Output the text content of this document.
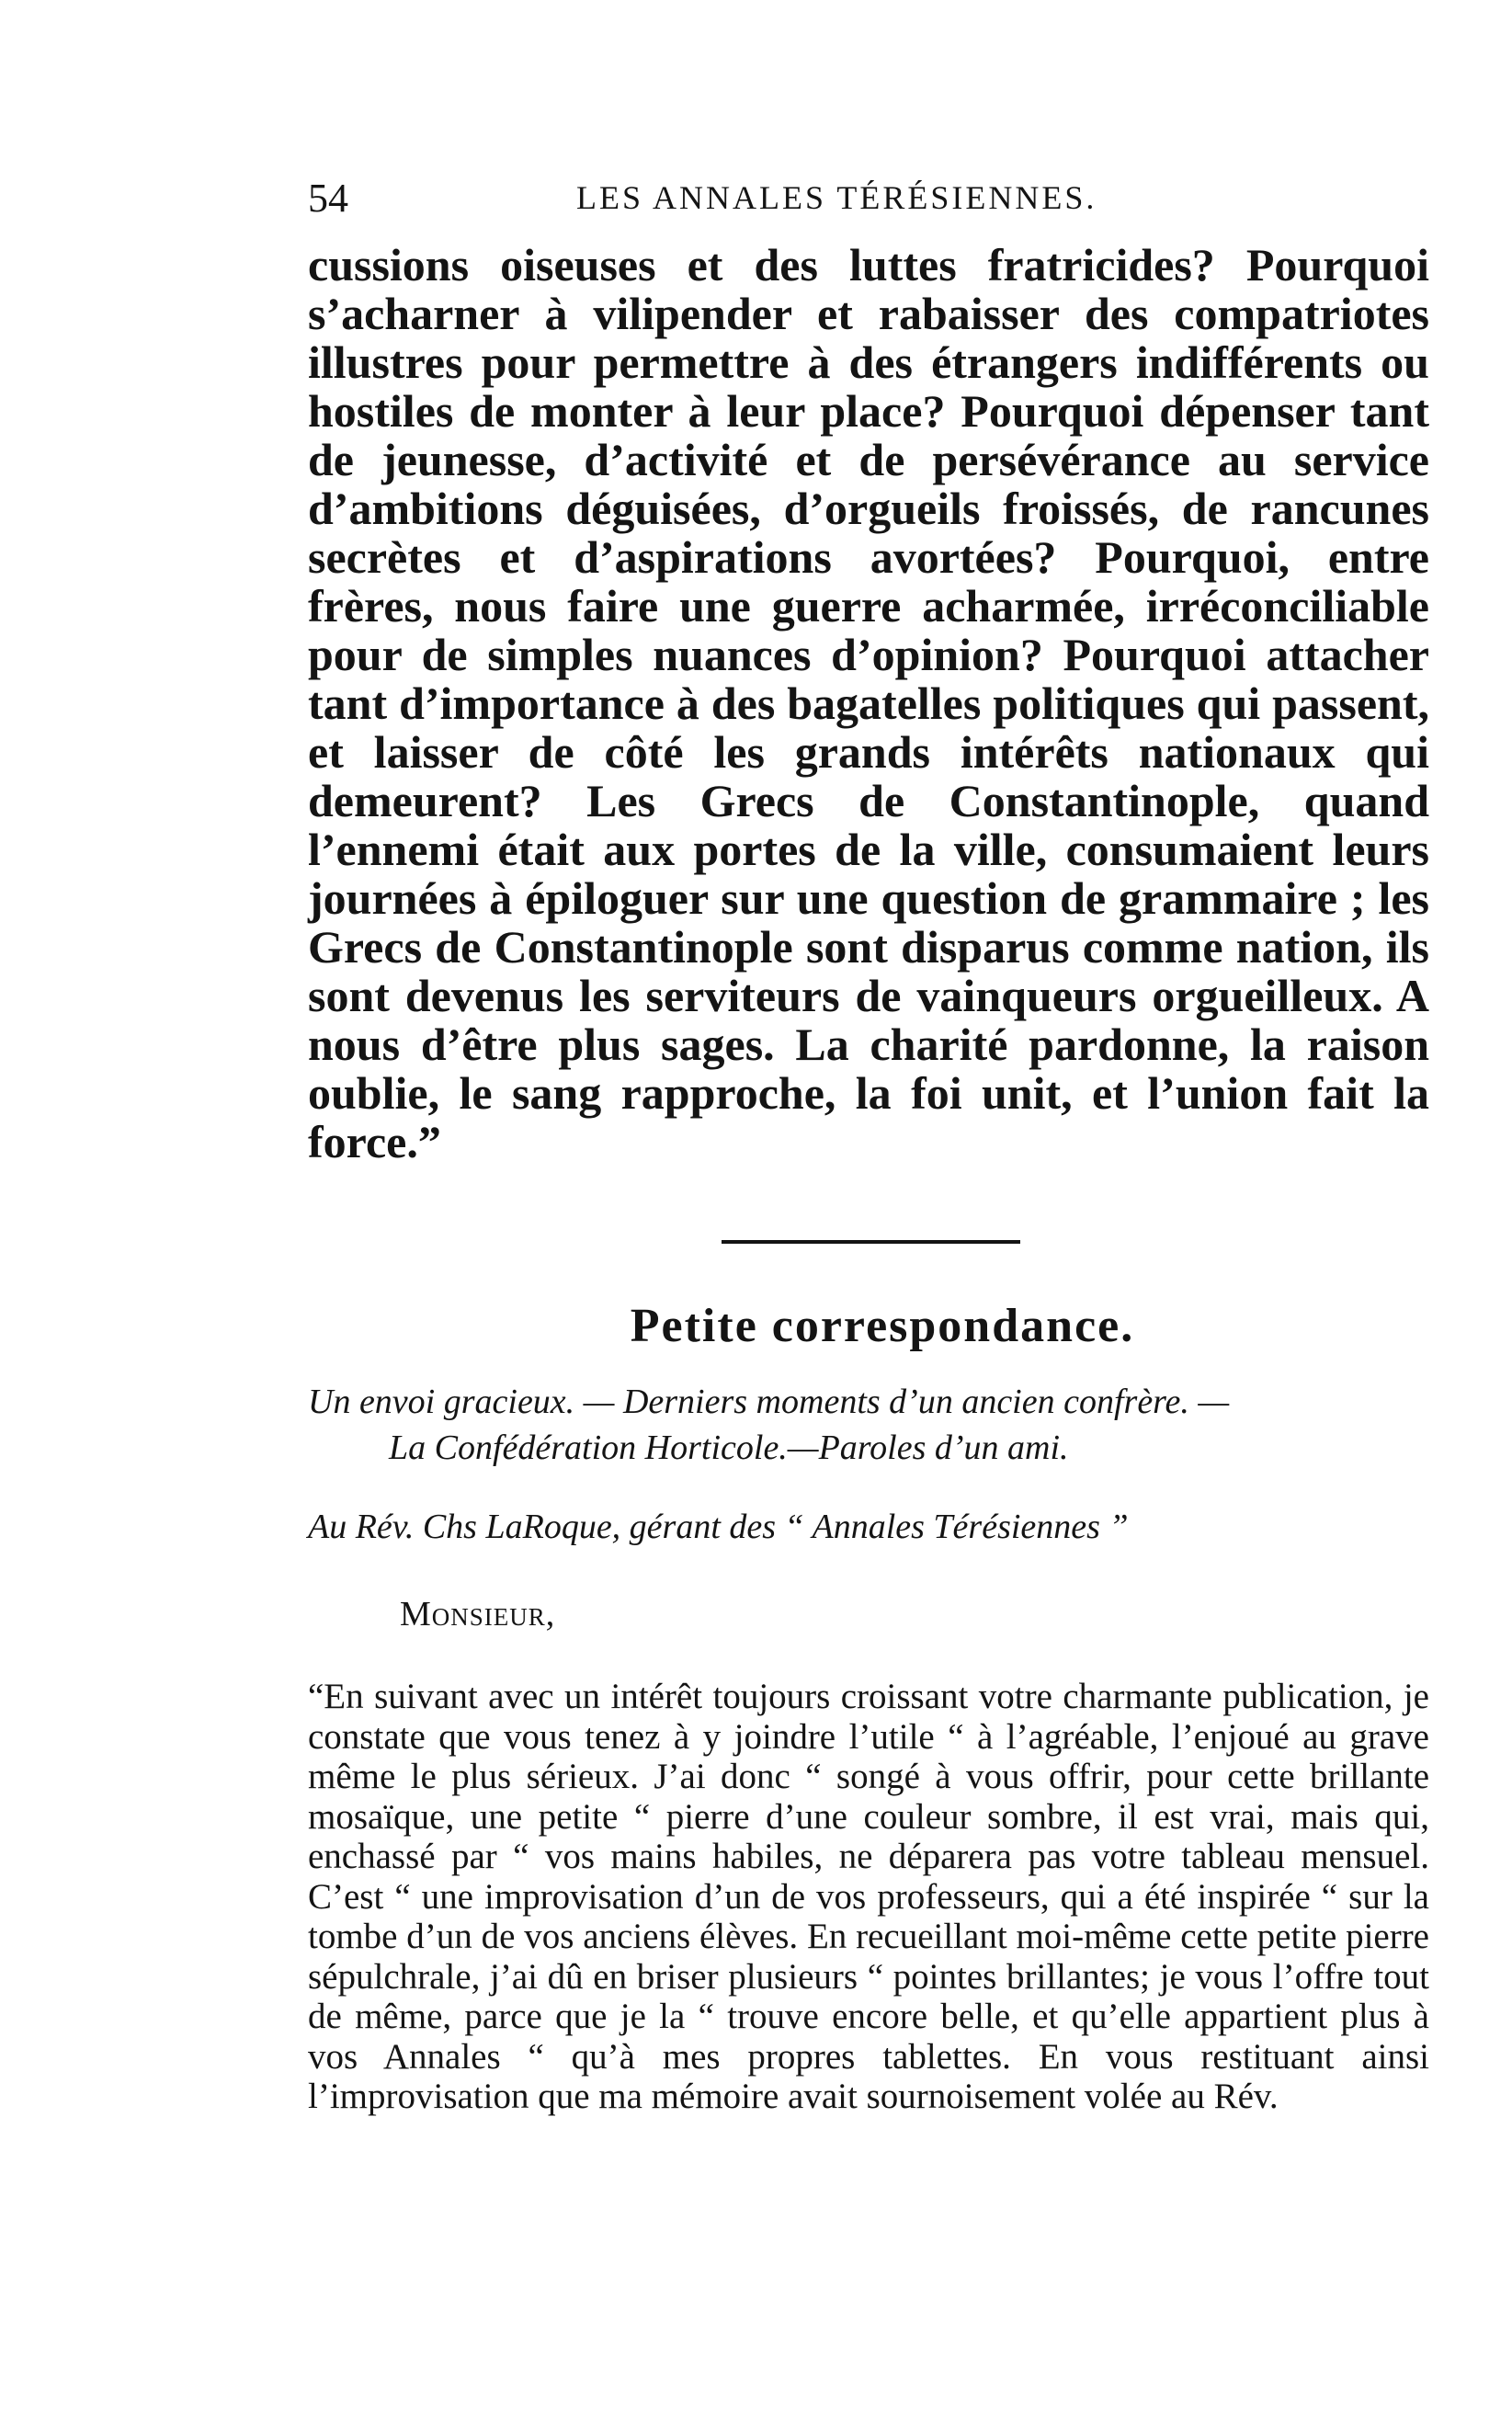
54	LES ANNALES TÉRÉSIENNES.

cussions oiseuses et des luttes fratricides? Pourquoi s’acharner à vilipender et rabaisser des compatriotes illustres pour permettre à des étrangers indifférents ou hostiles de monter à leur place? Pourquoi dépenser tant de jeunesse, d’activité et de persévérance au service d’ambitions déguisées, d’orgueils froissés, de rancunes secrètes et d’aspirations avortées? Pourquoi, entre frères, nous faire une guerre acharmée, irréconciliable pour de simples nuances d’opinion? Pourquoi attacher tant d’importance à des bagatelles politiques qui passent, et laisser de côté les grands intérêts nationaux qui demeurent? Les Grecs de Constantinople, quand l’ennemi était aux portes de la ville, consumaient leurs journées à épiloguer sur une question de grammaire ; les Grecs de Constantinople sont disparus comme nation, ils sont devenus les serviteurs de vainqueurs orgueilleux. A nous d’être plus sages. La charité pardonne, la raison oublie, le sang rapproche, la foi unit, et l’union fait la force.”

Petite correspondance.
Un envoi gracieux. — Derniers moments d’un ancien confrère. —
La Confédération Horticole.—Paroles d’un ami.
Au Rév. Chs LaRoque, gérant des “ Annales Térésiennes ”
Monsieur,

“En suivant avec un intérêt toujours croissant votre charmante publication, je constate que vous tenez à y joindre l’utile “ à l’agréable, l’enjoué au grave même le plus sérieux. J’ai donc “ songé à vous offrir, pour cette brillante mosaïque, une petite “ pierre d’une couleur sombre, il est vrai, mais qui, enchassé par “ vos mains habiles, ne déparera pas votre tableau mensuel. C’est “ une improvisation d’un de vos professeurs, qui a été inspirée “ sur la tombe d’un de vos anciens élèves. En recueillant moi-même cette petite pierre sépulchrale, j’ai dû en briser plusieurs “ pointes brillantes; je vous l’offre tout de même, parce que je la “ trouve encore belle, et qu’elle appartient plus à vos Annales “ qu’à mes propres tablettes. En vous restituant ainsi l’improvisation que ma mémoire avait sournoisement volée au Rév.
